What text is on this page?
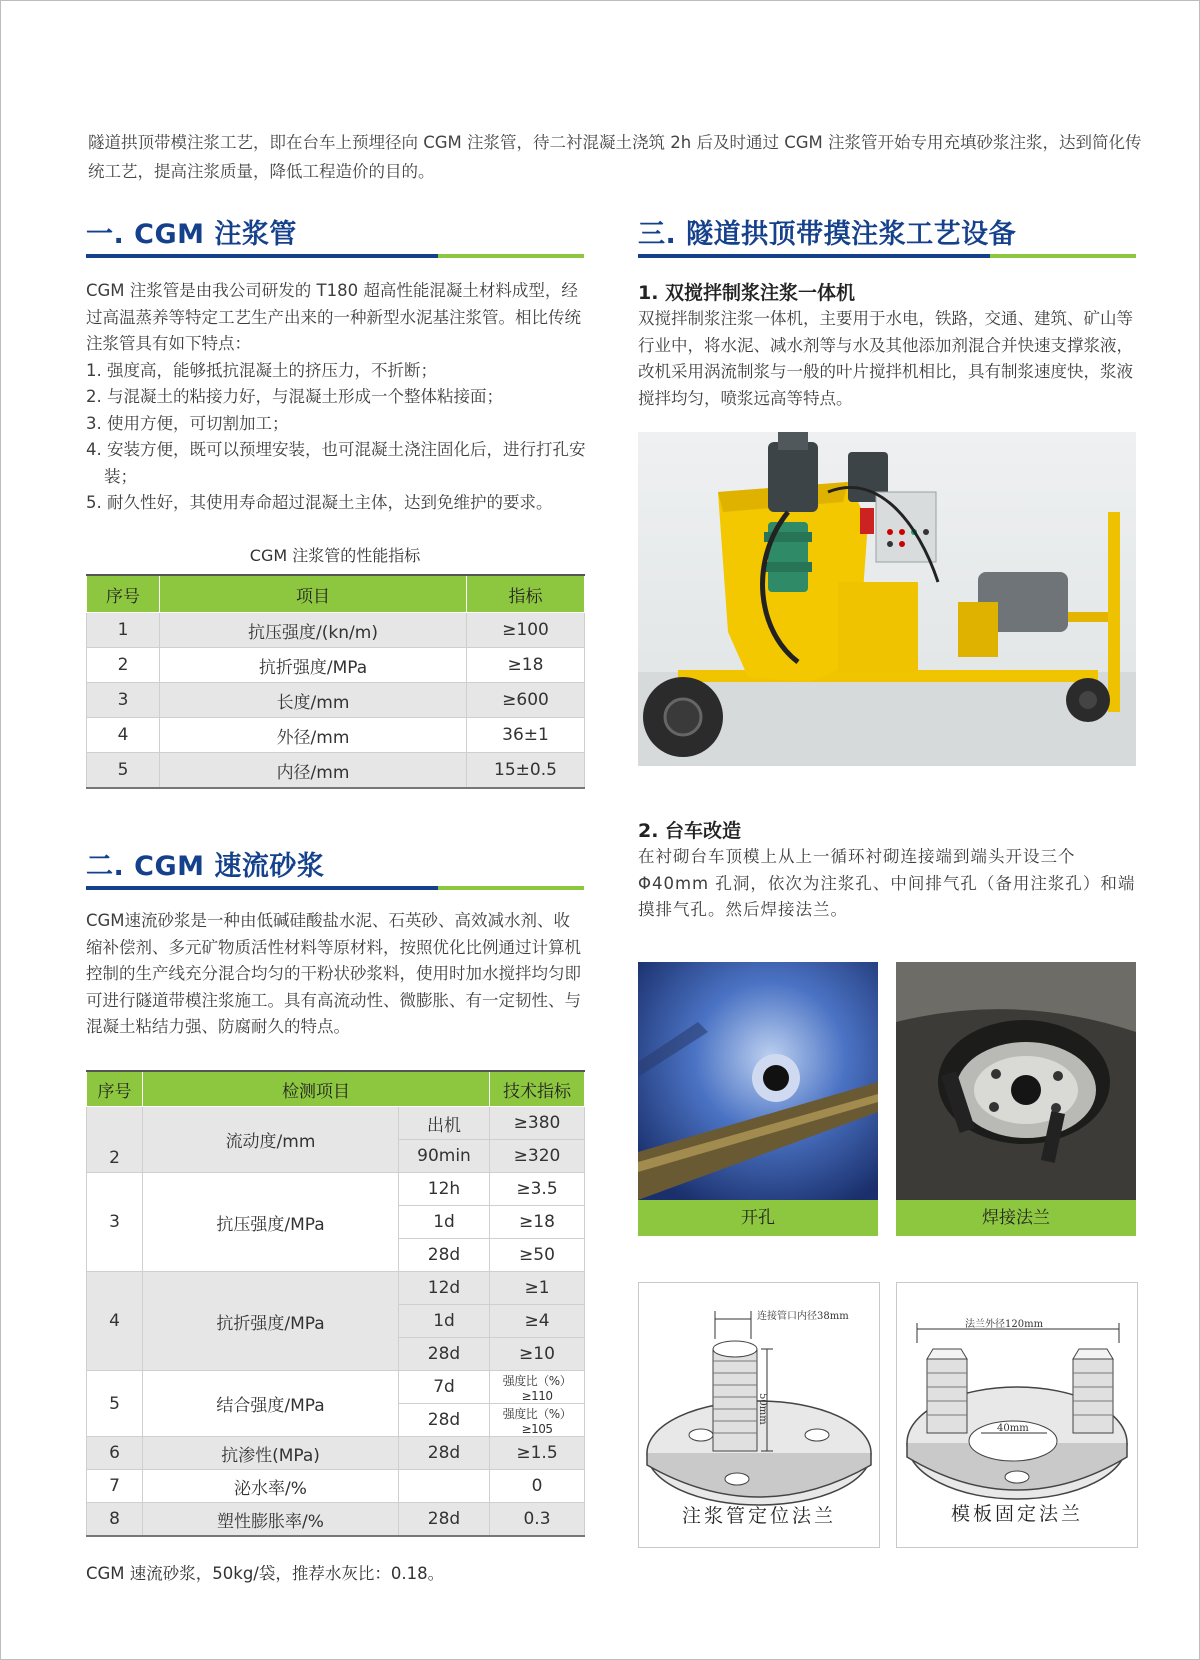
隧道拱顶带模注浆工艺，即在台车上预埋径向 CGM 注浆管，待二衬混凝土浇筑 2h 后及时通过 CGM 注浆管开始专用充填砂浆注浆，达到简化传统工艺，提高注浆质量，降低工程造价的目的。
一. CGM 注浆管

CGM 注浆管是由我公司研发的 T180 超高性能混凝土材料成型，经过高温蒸养等特定工艺生产出来的一种新型水泥基注浆管。相比传统注浆管具有如下特点：

1. 强度高，能够抵抗混凝土的挤压力，不折断；
2. 与混凝土的粘接力好，与混凝土形成一个整体粘接面；
3. 使用方便，可切割加工；
4. 安装方便，既可以预埋安装，也可混凝土浇注固化后，进行打孔安装；
5. 耐久性好，其使用寿命超过混凝土主体，达到免维护的要求。
CGM 注浆管的性能指标
序号	项目	指标
1	抗压强度/(kn/m)	≥100
2	抗折强度/MPa	≥18
3	长度/mm	≥600
4	外径/mm	36±1
5	内径/mm	15±0.5
二. CGM 速流砂浆

CGM速流砂浆是一种由低碱硅酸盐水泥、石英砂、高效减水剂、收缩补偿剂、多元矿物质活性材料等原材料，按照优化比例通过计算机控制的生产线充分混合均匀的干粉状砂浆料，使用时加水搅拌均匀即可进行隧道带模注浆施工。具有高流动性、微膨胀、有一定韧性、与混凝土粘结力强、防腐耐久的特点。

序号	检测项目		技术指标
2	流动度/mm	出机	≥380
		90min	≥320
3	抗压强度/MPa	12h	≥3.5
		1d	≥18
		28d	≥50
4	抗折强度/MPa	12d	≥1
		1d	≥4
		28d	≥10
5	结合强度/MPa	7d	强度比（%）≥110
		28d	强度比（%）≥105
6	抗渗性(MPa)	28d	≥1.5
7	泌水率/%		0
8	塑性膨胀率/%	28d	0.3
CGM 速流砂浆，50kg/袋，推荐水灰比：0.18。
三. 隧道拱顶带摸注浆工艺设备
1. 双搅拌制浆注浆一体机
双搅拌制浆注浆一体机，主要用于水电，铁路，交通、建筑、矿山等行业中，将水泥、减水剂等与水及其他添加剂混合并快速支撑浆液，改机采用涡流制浆与一般的叶片搅拌机相比，具有制浆速度快，浆液搅拌均匀，喷浆远高等特点。
2. 台车改造
在衬砌台车顶模上从上一循环衬砌连接端到端头开设三个Φ40mm 孔洞，依次为注浆孔、中间排气孔（备用注浆孔）和端摸排气孔。然后焊接法兰。
开孔	焊接法兰
连接管口内径38mm
50mm
注浆管定位法兰
法兰外径120mm
40mm
模板固定法兰
